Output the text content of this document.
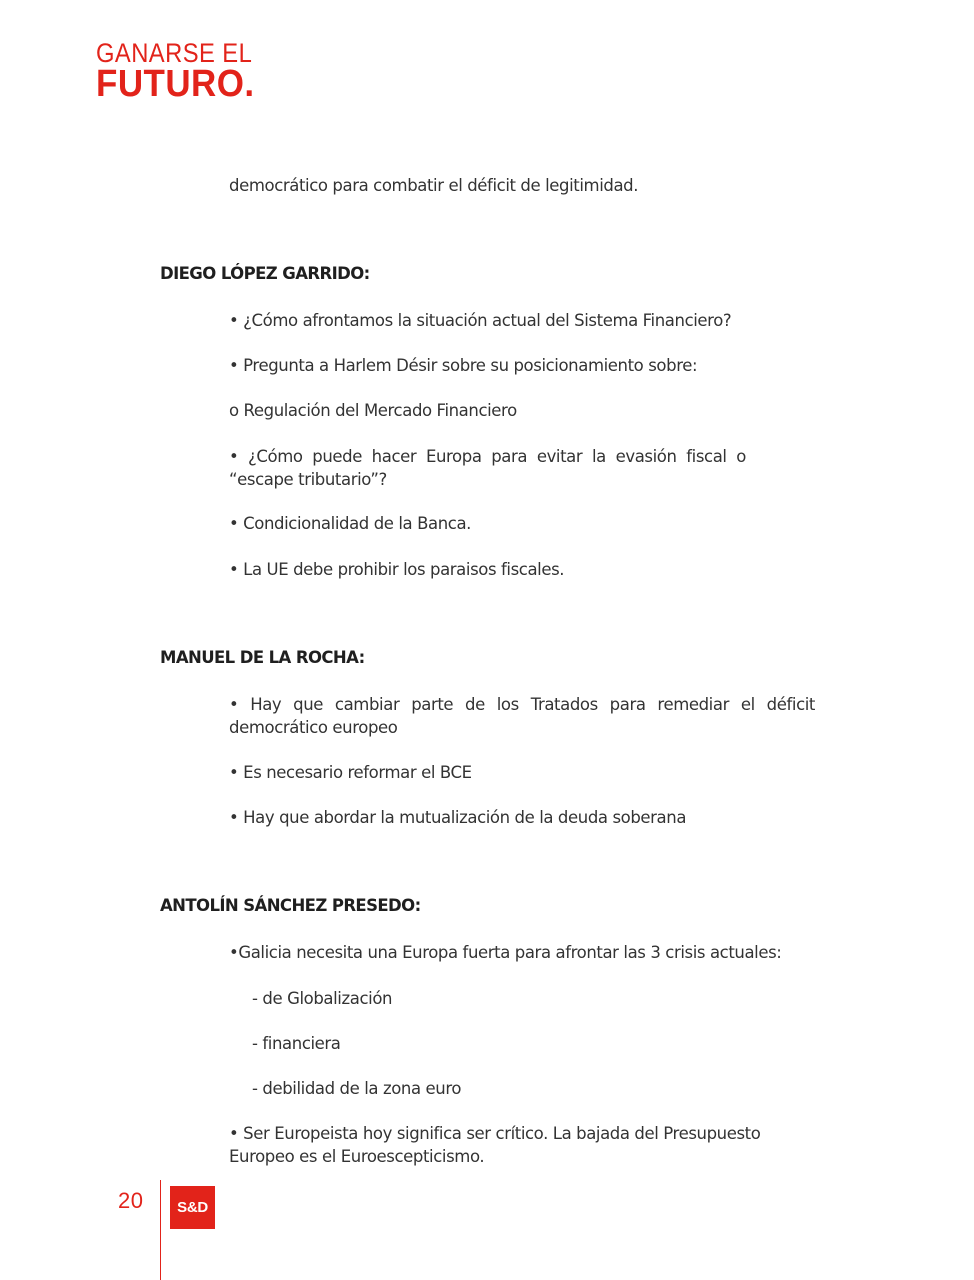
GANARSE EL
FUTURO.
democrático para combatir el déficit de legitimidad.
DIEGO LÓPEZ GARRIDO:
• ¿Cómo afrontamos la situación actual del Sistema Financiero?
• Pregunta a Harlem Désir sobre su posicionamiento sobre:
o Regulación del Mercado Financiero
• ¿Cómo puede hacer Europa para evitar la evasión fiscal o “escape tributario”?
• Condicionalidad de la Banca.
• La UE debe prohibir los paraisos fiscales.
MANUEL DE LA ROCHA:
• Hay que cambiar parte de los Tratados para remediar el déficit democrático europeo
• Es necesario reformar el BCE
• Hay que abordar la mutualización de la deuda soberana
ANTOLÍN SÁNCHEZ PRESEDO:
•Galicia necesita una Europa fuerta para afrontar las 3 crisis actuales:
- de Globalización
- financiera
- debilidad de la zona euro
• Ser Europeista hoy significa ser crítico. La bajada del Presupuesto Europeo es el Euroescepticismo.
20	S&D
